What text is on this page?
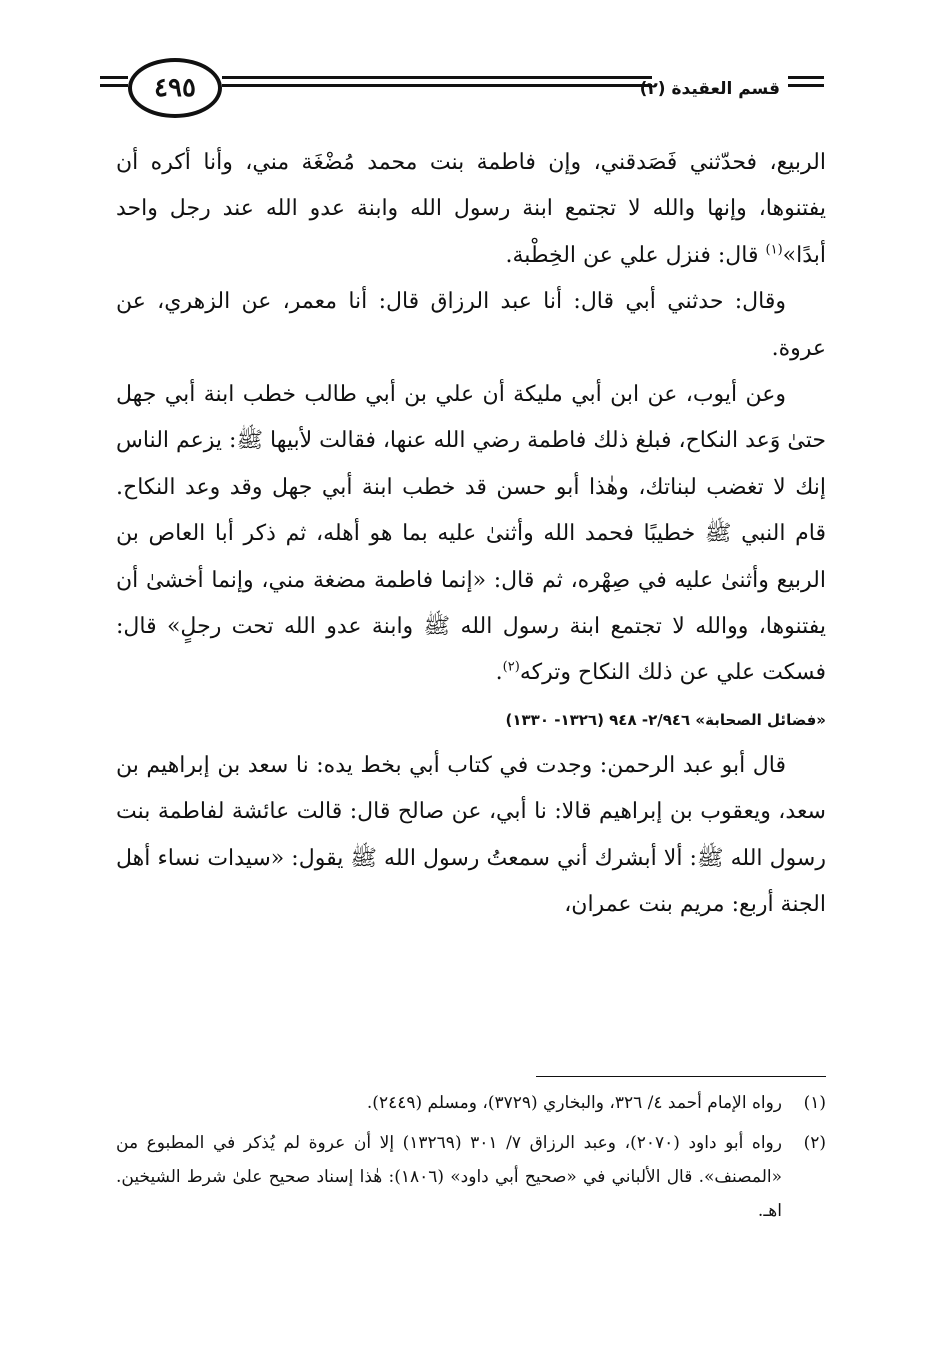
٤٩٥	قسم العقيدة (٢)

الربيع، فحدّثني فَصَدقني، وإن فاطمة بنت محمد مُضْغَة مني، وأنا أكره أن يفتنوها، وإنها والله لا تجتمع ابنة رسول الله وابنة عدو الله عند رجل واحد أبدًا»$^{(١)}$ قال: فنزل علي عن الخِطْبة.

وقال: حدثني أبي قال: أنا عبد الرزاق قال: أنا معمر، عن الزهري، عن عروة.

وعن أيوب، عن ابن أبي مليكة أن علي بن أبي طالب خطب ابنة أبي جهل حتىٰ وَعد النكاح، فبلغ ذلك فاطمة رضي الله عنها، فقالت لأبيها ﷺ: يزعم الناس إنك لا تغضب لبناتك، وهٰذا أبو حسن قد خطب ابنة أبي جهل وقد وعد النكاح. قام النبي ﷺ خطيبًا فحمد الله وأثنىٰ عليه بما هو أهله، ثم ذكر أبا العاص بن الربيع وأثنىٰ عليه في صِهْره، ثم قال: «إنما فاطمة مضغة مني، وإنما أخشىٰ أن يفتنوها، ووالله لا تجتمع ابنة رسول الله ﷺ وابنة عدو الله تحت رجلٍ» قال: فسكت علي عن ذلك النكاح وتركه$^{(٢)}$.

«فضائل الصحابة» ٢/٩٤٦- ٩٤٨ (١٣٢٦- ١٣٣٠)

قال أبو عبد الرحمن: وجدت في كتاب أبي بخط يده: نا سعد بن إبراهيم بن سعد، ويعقوب بن إبراهيم قالا: نا أبي، عن صالح قال: قالت عائشة لفاطمة بنت رسول الله ﷺ: ألا أبشرك أني سمعتُ رسول الله ﷺ يقول: «سيدات نساء أهل الجنة أربع: مريم بنت عمران،

(١)رواه الإمام أحمد ٤/ ٣٢٦، والبخاري (٣٧٢٩)، ومسلم (٢٤٤٩).

(٢)رواه أبو داود (٢٠٧٠)، وعبد الرزاق ٧/ ٣٠١ (١٣٢٦٩) إلا أن عروة لم يُذكر في المطبوع من «المصنف». قال الألباني في «صحيح أبي داود» (١٨٠٦): هٰذا إسناد صحيح علىٰ شرط الشيخين. اهـ.
